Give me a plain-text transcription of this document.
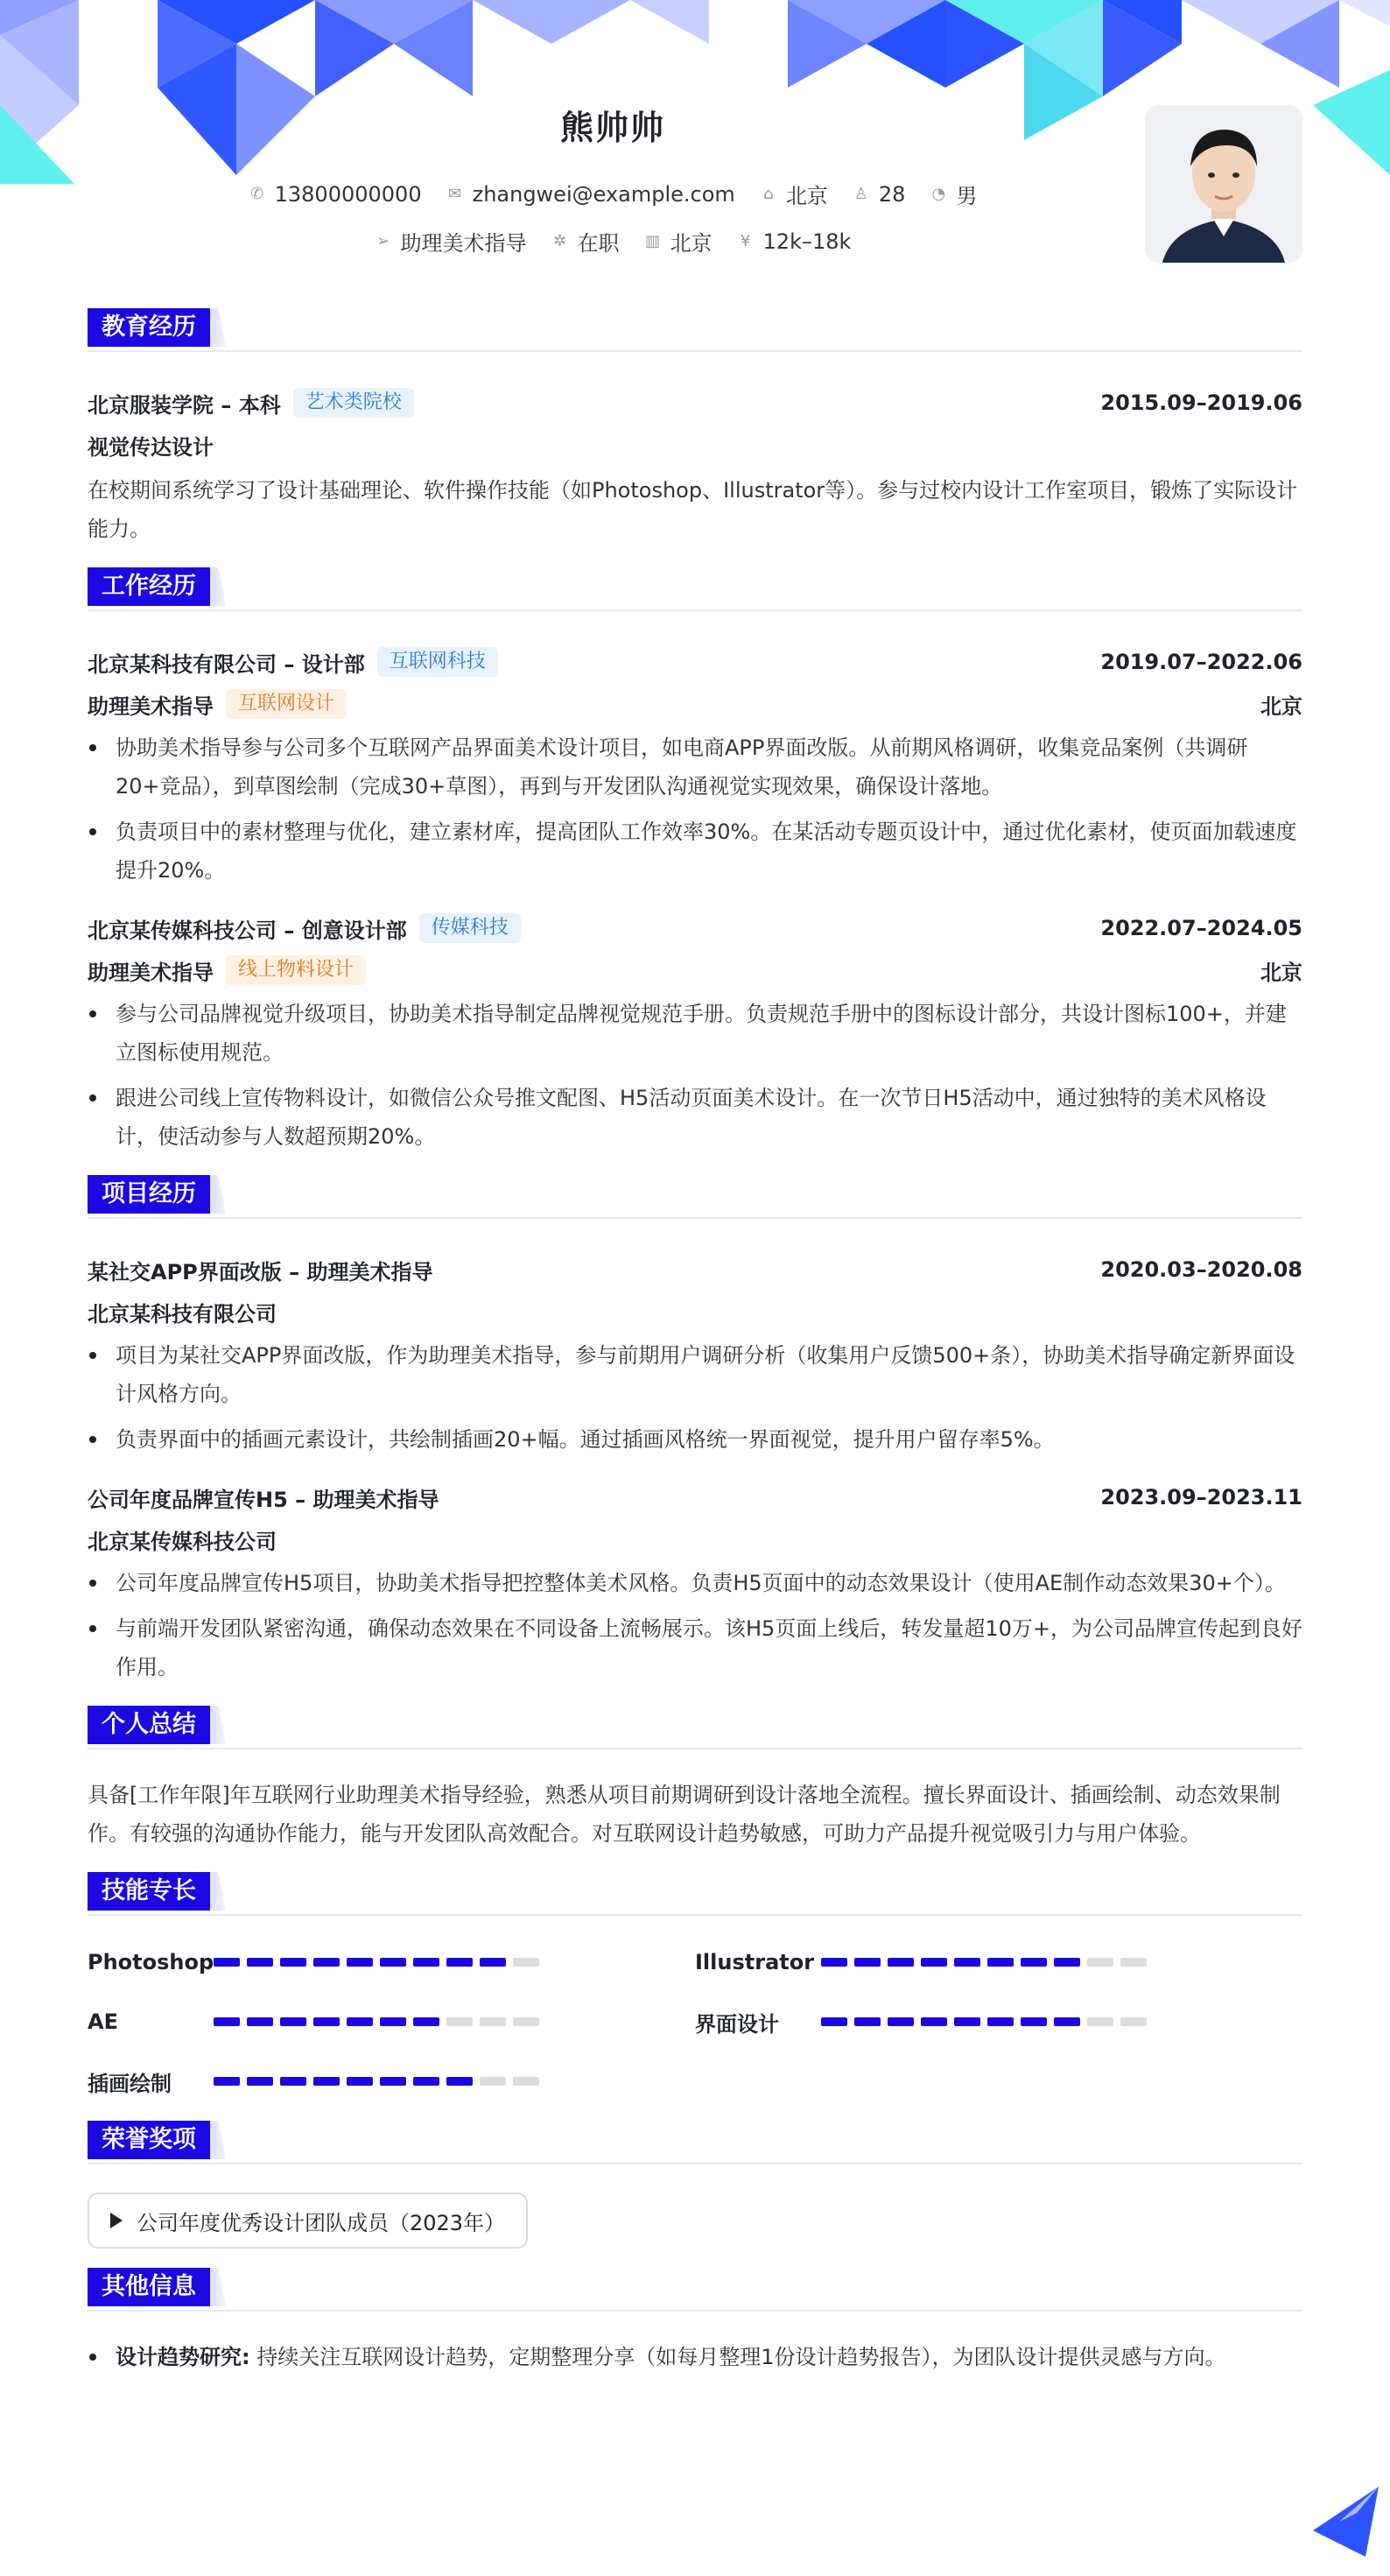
熊帅帅
✆ 13800000000 ✉ zhangwei@example.com ⌂ 北京 ♙ 28 ◔ 男
➢ 助理美术指导 ✲ 在职 ▥ 北京 ¥ 12k–18k
教育经历
北京服装学院 – 本科	艺术类院校	2015.09–2019.06
视觉传达设计
在校期间系统学习了设计基础理论、软件操作技能（如Photoshop、Illustrator等）。参与过校内设计工作室项目，锻炼了实际设计能力。
工作经历
北京某科技有限公司 – 设计部	互联网科技	2019.07–2022.06
助理美术指导	互联网设计	北京
协助美术指导参与公司多个互联网产品界面美术设计项目，如电商APP界面改版。从前期风格调研，收集竞品案例（共调研20+竞品），到草图绘制（完成30+草图），再到与开发团队沟通视觉实现效果，确保设计落地。
负责项目中的素材整理与优化，建立素材库，提高团队工作效率30%。在某活动专题页设计中，通过优化素材，使页面加载速度提升20%。
北京某传媒科技公司 – 创意设计部	传媒科技	2022.07–2024.05
助理美术指导	线上物料设计	北京
参与公司品牌视觉升级项目，协助美术指导制定品牌视觉规范手册。负责规范手册中的图标设计部分，共设计图标100+，并建立图标使用规范。
跟进公司线上宣传物料设计，如微信公众号推文配图、H5活动页面美术设计。在一次节日H5活动中，通过独特的美术风格设计，使活动参与人数超预期20%。
项目经历
某社交APP界面改版 – 助理美术指导	2020.03–2020.08
北京某科技有限公司
项目为某社交APP界面改版，作为助理美术指导，参与前期用户调研分析（收集用户反馈500+条），协助美术指导确定新界面设计风格方向。
负责界面中的插画元素设计，共绘制插画20+幅。通过插画风格统一界面视觉，提升用户留存率5%。
公司年度品牌宣传H5 – 助理美术指导	2023.09–2023.11
北京某传媒科技公司
公司年度品牌宣传H5项目，协助美术指导把控整体美术风格。负责H5页面中的动态效果设计（使用AE制作动态效果30+个）。
与前端开发团队紧密沟通，确保动态效果在不同设备上流畅展示。该H5页面上线后，转发量超10万+，为公司品牌宣传起到良好作用。
个人总结
具备[工作年限]年互联网行业助理美术指导经验，熟悉从项目前期调研到设计落地全流程。擅长界面设计、插画绘制、动态效果制作。有较强的沟通协作能力，能与开发团队高效配合。对互联网设计趋势敏感，可助力产品提升视觉吸引力与用户体验。
技能专长
Photoshop	Illustrator
AE	界面设计
插画绘制
荣誉奖项
公司年度优秀设计团队成员（2023年）
其他信息
设计趋势研究: 持续关注互联网设计趋势，定期整理分享（如每月整理1份设计趋势报告），为团队设计提供灵感与方向。
